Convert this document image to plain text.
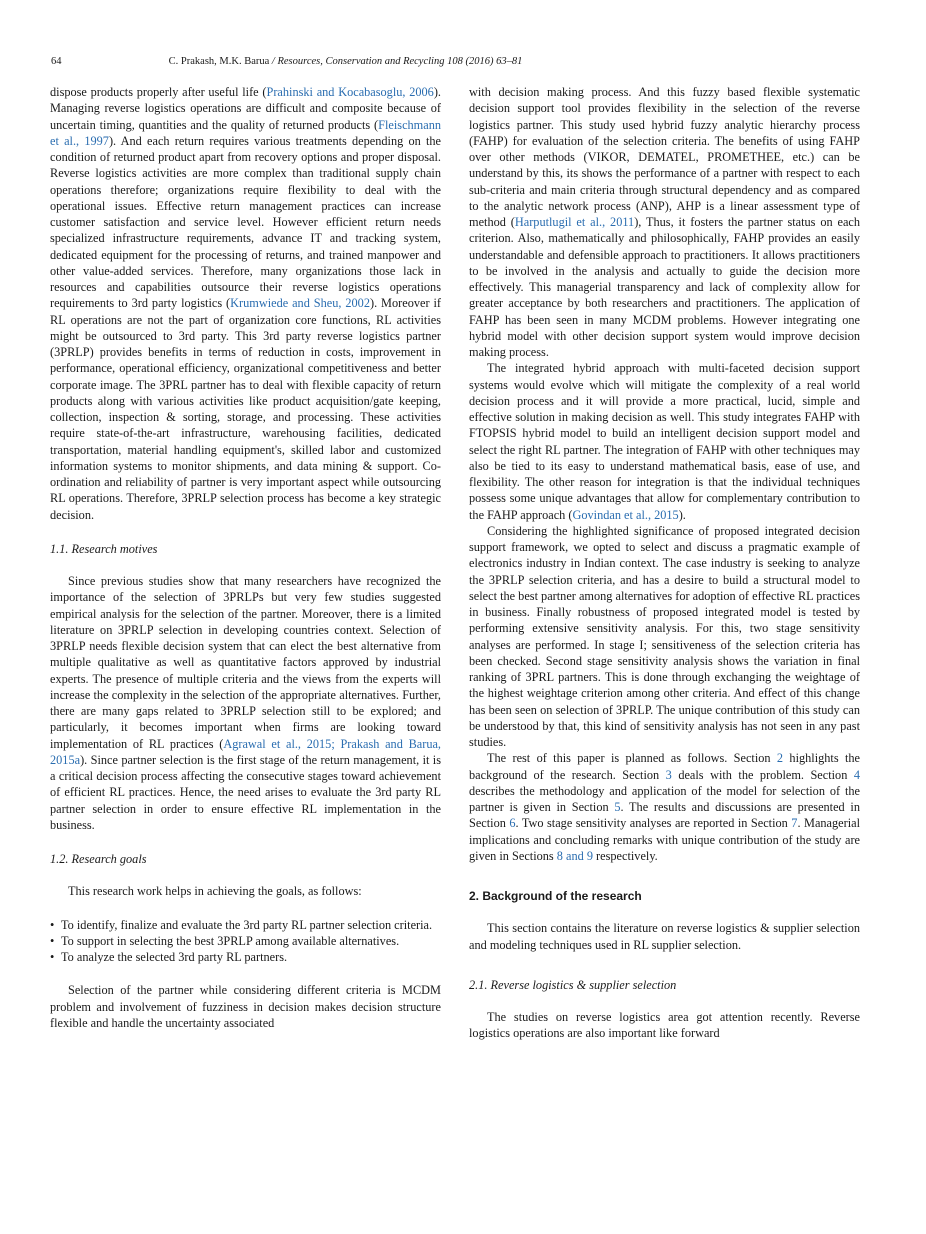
64	C. Prakash, M.K. Barua / Resources, Conservation and Recycling 108 (2016) 63–81

dispose products properly after useful life (Prahinski and Kocabasoglu, 2006). Managing reverse logistics operations are difficult and composite because of uncertain timing, quantities and the quality of returned products (Fleischmann et al., 1997). And each return requires various treatments depending on the condition of returned product apart from recovery options and proper disposal. Reverse logistics activities are more complex than traditional supply chain operations therefore; organizations require flexibility to deal with the operational issues. Effective return management practices can increase customer satisfaction and service level. However efficient return needs specialized infrastructure requirements, advance IT and tracking system, dedicated equipment for the processing of returns, and trained manpower and other value-added services. Therefore, many organizations those lack in resources and capabilities outsource their reverse logistics operations requirements to 3rd party logistics (Krumwiede and Sheu, 2002). Moreover if RL operations are not the part of organization core functions, RL activities might be outsourced to 3rd party. This 3rd party reverse logistics partner (3PRLP) provides benefits in terms of reduction in costs, improvement in performance, operational efficiency, organizational competitiveness and better corporate image. The 3PRL partner has to deal with flexible capacity of return products along with various activities like product acquisition/gate keeping, collection, inspection & sorting, storage, and processing. These activities require state-of-the-art infrastructure, warehousing facilities, dedicated transportation, material handling equipment's, skilled labor and customized information systems to monitor shipments, and data mining & support. Co-ordination and reliability of partner is very important aspect while outsourcing RL operations. Therefore, 3PRLP selection process has become a key strategic decision.

1.1. Research motives

Since previous studies show that many researchers have recognized the importance of the selection of 3PRLPs but very few studies suggested empirical analysis for the selection of the partner. Moreover, there is a limited literature on 3PRLP selection in developing countries context. Selection of 3PRLP needs flexible decision system that can elect the best alternative from multiple qualitative as well as quantitative factors approved by industrial experts. The presence of multiple criteria and the views from the experts will increase the complexity in the selection of the appropriate alternatives. Further, there are many gaps related to 3PRLP selection still to be explored; and particularly, it becomes important when firms are looking toward implementation of RL practices (Agrawal et al., 2015; Prakash and Barua, 2015a). Since partner selection is the first stage of the return management, it is a critical decision process affecting the consecutive stages toward achievement of efficient RL practices. Hence, the need arises to evaluate the 3rd party RL partner selection in order to ensure effective RL implementation in the business.

1.2. Research goals

This research work helps in achieving the goals, as follows:

• To identify, finalize and evaluate the 3rd party RL partner selection criteria.
• To support in selecting the best 3PRLP among available alternatives.
• To analyze the selected 3rd party RL partners.

Selection of the partner while considering different criteria is MCDM problem and involvement of fuzziness in decision makes decision structure flexible and handle the uncertainty associated

with decision making process. And this fuzzy based flexible systematic decision support tool provides flexibility in the selection of the reverse logistics partner. This study used hybrid fuzzy analytic hierarchy process (FAHP) for evaluation of the selection criteria. The benefits of using FAHP over other methods (VIKOR, DEMATEL, PROMETHEE, etc.) can be understand by this, its shows the performance of a partner with respect to each sub-criteria and main criteria through structural dependency and as compared to the analytic network process (ANP), AHP is a linear assessment type of method (Harputlugil et al., 2011), Thus, it fosters the partner status on each criterion. Also, mathematically and philosophically, FAHP provides an easily understandable and defensible approach to practitioners. It allows practitioners to be involved in the analysis and actually to guide the decision more effectively. This managerial transparency and lack of complexity allow for greater acceptance by both researchers and practitioners. The application of FAHP has been seen in many MCDM problems. However integrating one hybrid model with other decision support system would improve decision making process.

The integrated hybrid approach with multi-faceted decision support systems would evolve which will mitigate the complexity of a real world decision process and it will provide a more practical, lucid, simple and effective solution in making decision as well. This study integrates FAHP with FTOPSIS hybrid model to build an intelligent decision support model and select the right RL partner. The integration of FAHP with other techniques may also be tied to its easy to understand mathematical basis, ease of use, and flexibility. The other reason for integration is that the individual techniques possess some unique advantages that allow for complementary contribution to the FAHP approach (Govindan et al., 2015).

Considering the highlighted significance of proposed integrated decision support framework, we opted to select and discuss a pragmatic example of electronics industry in Indian context. The case industry is seeking to analyze the 3PRLP selection criteria, and has a desire to build a structural model to select the best partner among alternatives for adoption of effective RL practices in business. Finally robustness of proposed integrated model is tested by performing extensive sensitivity analysis. For this, two stage sensitivity analyses are performed. In stage I; sensitiveness of the selection criteria has been checked. Second stage sensitivity analysis shows the variation in final ranking of 3PRL partners. This is done through exchanging the weightage of the highest weightage criterion among other criteria. And effect of this change has been seen on selection of 3PRLP. The unique contribution of this study can be understood by that, this kind of sensitivity analysis has not seen in any past studies.

The rest of this paper is planned as follows. Section 2 highlights the background of the research. Section 3 deals with the problem. Section 4 describes the methodology and application of the model for selection of the partner is given in Section 5. The results and discussions are presented in Section 6. Two stage sensitivity analyses are reported in Section 7. Managerial implications and concluding remarks with unique contribution of the study are given in Sections 8 and 9 respectively.

2. Background of the research

This section contains the literature on reverse logistics & supplier selection and modeling techniques used in RL supplier selection.

2.1. Reverse logistics & supplier selection

The studies on reverse logistics area got attention recently. Reverse logistics operations are also important like forward
